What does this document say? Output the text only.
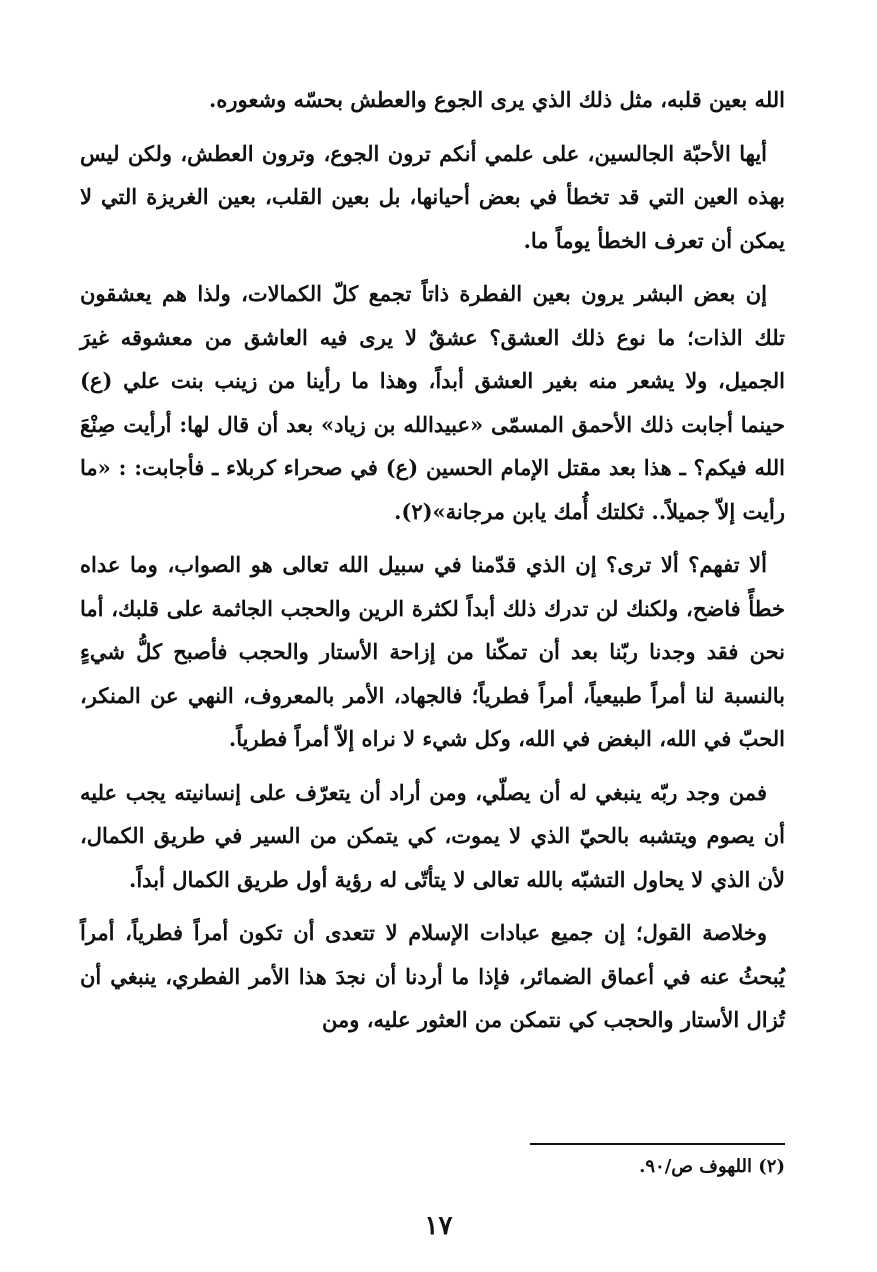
الله بعين قلبه، مثل ذلك الذي يرى الجوع والعطش بحسّه وشعوره.

أيها الأحبّة الجالسين، على علمي أنكم ترون الجوع، وترون العطش، ولكن ليس بهذه العين التي قد تخطأ في بعض أحيانها، بل بعين القلب، بعين الغريزة التي لا يمكن أن تعرف الخطأ يوماً ما.

إن بعض البشر يرون بعين الفطرة ذاتاً تجمع كلّ الكمالات، ولذا هم يعشقون تلك الذات؛ ما نوع ذلك العشق؟ عشقٌ لا يرى فيه العاشق من معشوقه غيرَ الجميل، ولا يشعر منه بغير العشق أبداً، وهذا ما رأينا من زينب بنت علي (ع) حينما أجابت ذلك الأحمق المسمّى «عبيدالله بن زياد» بعد أن قال لها: أرأيت صِنْعَ الله فيكم؟ ـ هذا بعد مقتل الإمام الحسين (ع) في صحراء كربلاء ـ فأجابت: : «ما رأيت إلاّ جميلاً.. ثكلتك أُمك يابن مرجانة»(٢).

ألا تفهم؟ ألا ترى؟ إن الذي قدّمنا في سبيل الله تعالى هو الصواب، وما عداه خطأً فاضح، ولكنك لن تدرك ذلك أبداً لكثرة الرين والحجب الجاثمة على قلبك، أما نحن فقد وجدنا ربّنا بعد أن تمكّنا من إزاحة الأستار والحجب فأصبح كلُّ شيءٍ بالنسبة لنا أمراً طبيعياً، أمراً فطرياً؛ فالجهاد، الأمر بالمعروف، النهي عن المنكر، الحبّ في الله، البغض في الله، وكل شيء لا نراه إلاّ أمراً فطرياً.

فمن وجد ربّه ينبغي له أن يصلّي، ومن أراد أن يتعرّف على إنسانيته يجب عليه أن يصوم ويتشبه بالحيّ الذي لا يموت، كي يتمكن من السير في طريق الكمال، لأن الذي لا يحاول التشبّه بالله تعالى لا يتأتّى له رؤية أول طريق الكمال أبداً.

وخلاصة القول؛ إن جميع عبادات الإسلام لا تتعدى أن تكون أمراً فطرياً، أمراً يُبحثُ عنه في أعماق الضمائر، فإذا ما أردنا أن نجدَ هذا الأمر الفطري، ينبغي أن تُزال الأستار والحجب كي نتمكن من العثور عليه، ومن

(٢) اللهوف ص/٩٠.
١٧
